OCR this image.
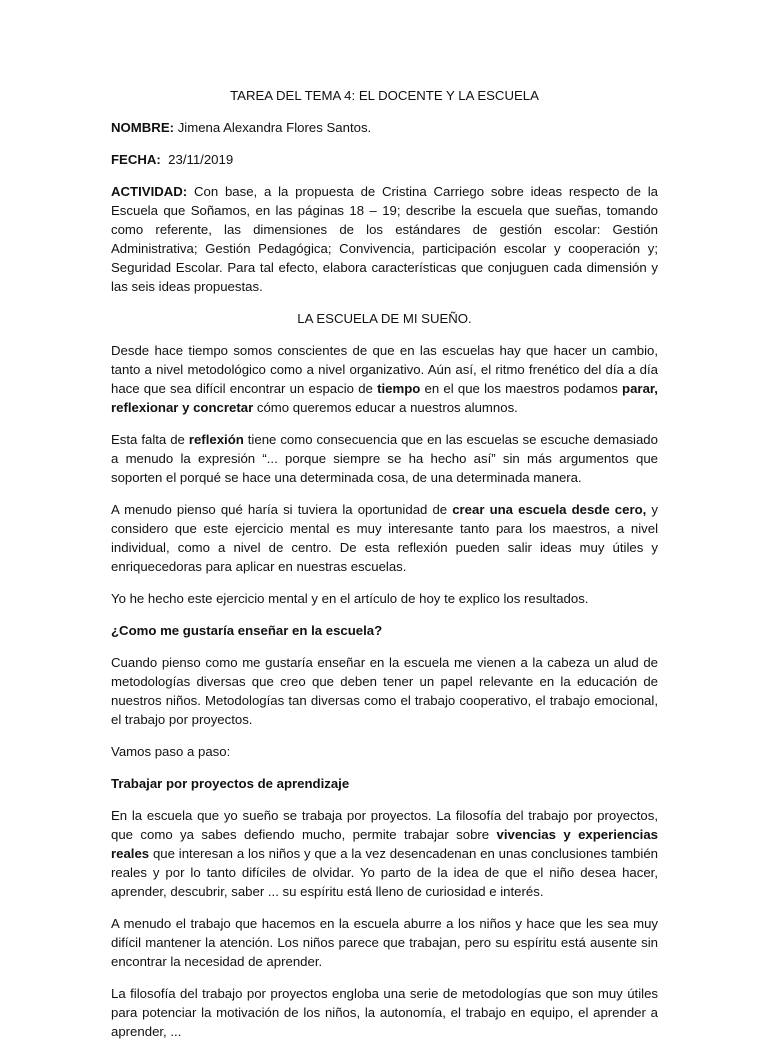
TAREA DEL TEMA 4: EL DOCENTE Y LA ESCUELA

NOMBRE: Jimena Alexandra Flores Santos.

FECHA: 23/11/2019

ACTIVIDAD: Con base, a la propuesta de Cristina Carriego sobre ideas respecto de la Escuela que Soñamos, en las páginas 18 – 19; describe la escuela que sueñas, tomando como referente, las dimensiones de los estándares de gestión escolar: Gestión Administrativa; Gestión Pedagógica; Convivencia, participación escolar y cooperación y; Seguridad Escolar. Para tal efecto, elabora características que conjuguen cada dimensión y las seis ideas propuestas.

LA ESCUELA DE MI SUEÑO.

Desde hace tiempo somos conscientes de que en las escuelas hay que hacer un cambio, tanto a nivel metodológico como a nivel organizativo. Aún así, el ritmo frenético del día a día hace que sea difícil encontrar un espacio de tiempo en el que los maestros podamos parar, reflexionar y concretar cómo queremos educar a nuestros alumnos.

Esta falta de reflexión tiene como consecuencia que en las escuelas se escuche demasiado a menudo la expresión “... porque siempre se ha hecho así” sin más argumentos que soporten el porqué se hace una determinada cosa, de una determinada manera.

A menudo pienso qué haría si tuviera la oportunidad de crear una escuela desde cero, y considero que este ejercicio mental es muy interesante tanto para los maestros, a nivel individual, como a nivel de centro. De esta reflexión pueden salir ideas muy útiles y enriquecedoras para aplicar en nuestras escuelas.

Yo he hecho este ejercicio mental y en el artículo de hoy te explico los resultados.

¿Como me gustaría enseñar en la escuela?

Cuando pienso como me gustaría enseñar en la escuela me vienen a la cabeza un alud de metodologías diversas que creo que deben tener un papel relevante en la educación de nuestros niños. Metodologías tan diversas como el trabajo cooperativo, el trabajo emocional, el trabajo por proyectos.

Vamos paso a paso:

Trabajar por proyectos de aprendizaje

En la escuela que yo sueño se trabaja por proyectos. La filosofía del trabajo por proyectos, que como ya sabes defiendo mucho, permite trabajar sobre vivencias y experiencias reales que interesan a los niños y que a la vez desencadenan en unas conclusiones también reales y por lo tanto difíciles de olvidar. Yo parto de la idea de que el niño desea hacer, aprender, descubrir, saber ... su espíritu está lleno de curiosidad e interés.

A menudo el trabajo que hacemos en la escuela aburre a los niños y hace que les sea muy difícil mantener la atención. Los niños parece que trabajan, pero su espíritu está ausente sin encontrar la necesidad de aprender.

La filosofía del trabajo por proyectos engloba una serie de metodologías que son muy útiles para potenciar la motivación de los niños, la autonomía, el trabajo en equipo, el aprender a aprender, ...
